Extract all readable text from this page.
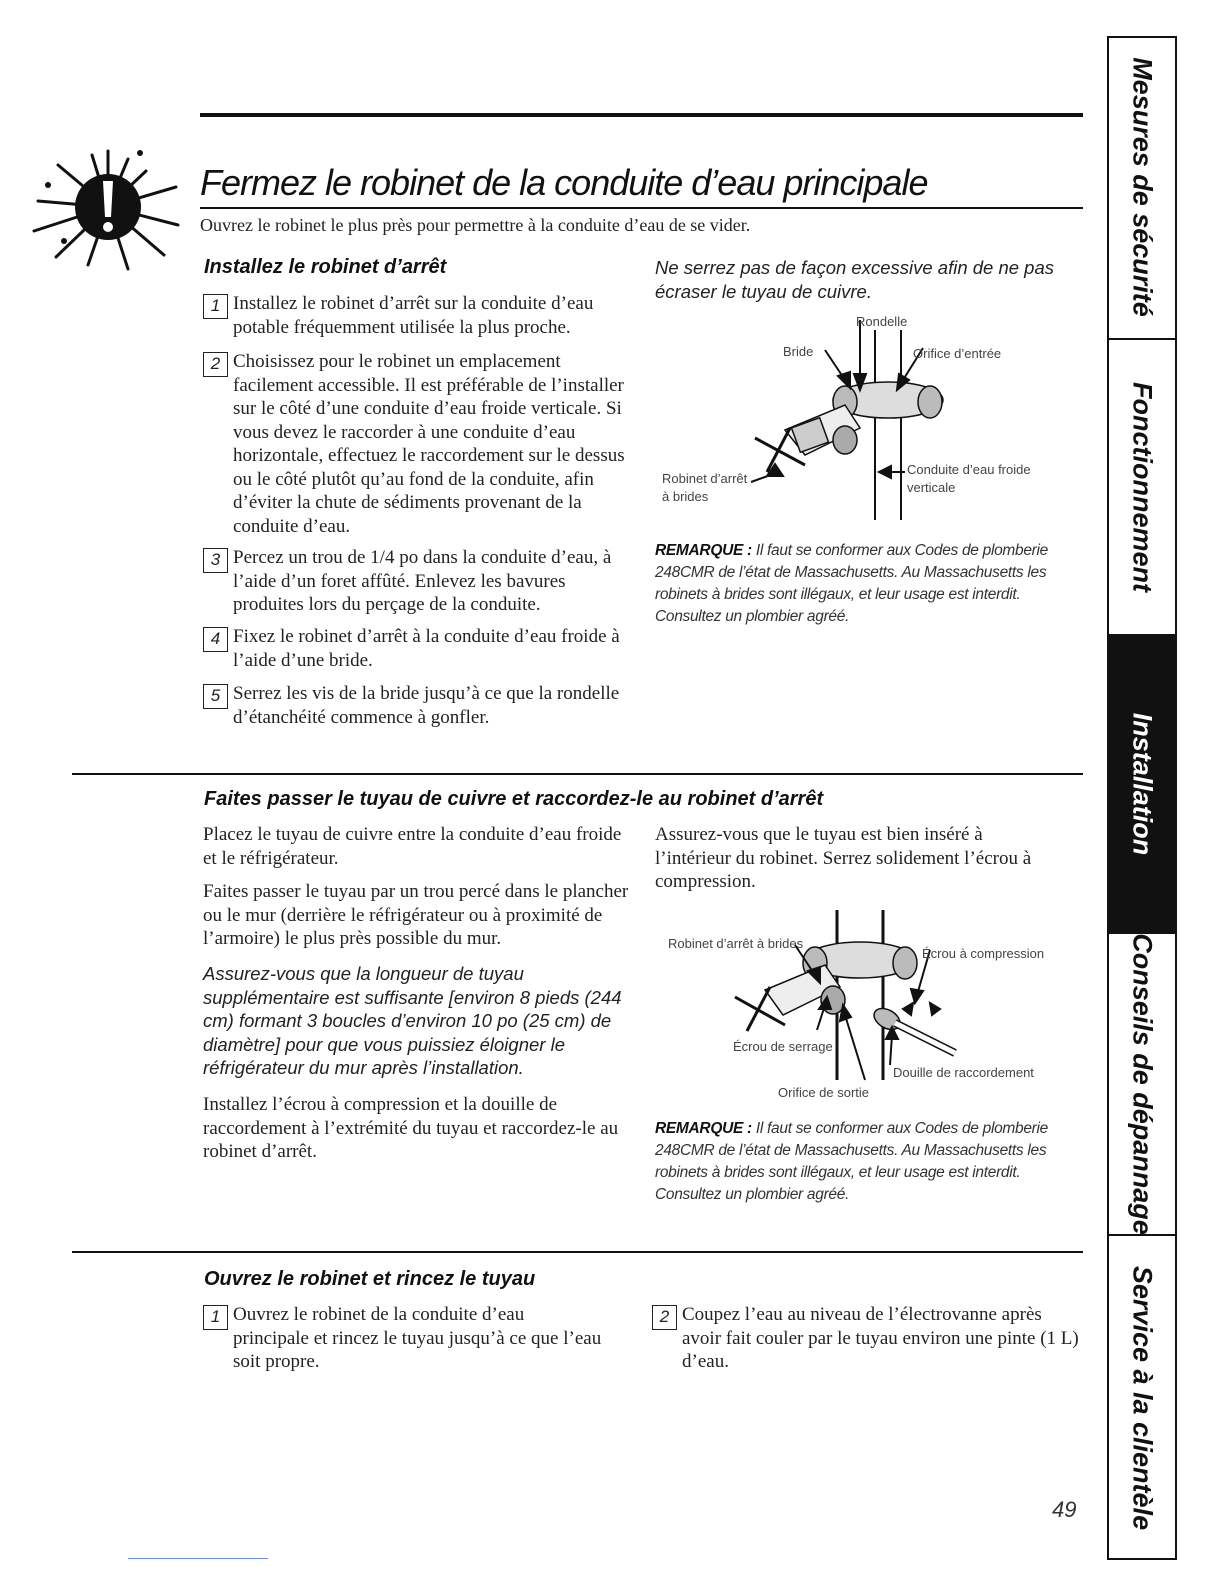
Fermez le robinet de la conduite d’eau principale
Ouvrez le robinet le plus près pour permettre à la conduite d’eau de se vider.
Installez le robinet d’arrêt
1 Installez le robinet d’arrêt sur la conduite d’eau potable fréquemment utilisée la plus proche.
2 Choisissez pour le robinet un emplacement facilement accessible. Il est préférable de l’installer sur le côté d’une conduite d’eau froide verticale. Si vous devez le raccorder à une conduite d’eau horizontale, effectuez le raccordement sur le dessus ou le côté plutôt qu’au fond de la conduite, afin d’éviter la chute de sédiments provenant de la conduite d’eau.
3 Percez un trou de 1/4 po dans la conduite d’eau, à l’aide d’un foret affûté. Enlevez les bavures produites lors du perçage de la conduite.
4 Fixez le robinet d’arrêt à la conduite d’eau froide à l’aide d’une bride.
5 Serrez les vis de la bride jusqu’à ce que la rondelle d’étanchéité commence à gonfler.
Ne serrez pas de façon excessive afin de ne pas écraser le tuyau de cuivre.
Rondelle
Bride	Orifice d’entrée
Robinet d’arrêt
à brides
Conduite d’eau froide
verticale
REMARQUE : Il faut se conformer aux Codes de plomberie 248CMR de l’état de Massachusetts. Au Massachusetts les robinets à brides sont illégaux, et leur usage est interdit. Consultez un plombier agréé.
Faites passer le tuyau de cuivre et raccordez-le au robinet d’arrêt
Placez le tuyau de cuivre entre la conduite d’eau froide et le réfrigérateur.
Faites passer le tuyau par un trou percé dans le plancher ou le mur (derrière le réfrigérateur ou à proximité de l’armoire) le plus près possible du mur.
Assurez-vous que la longueur de tuyau supplémentaire est suffisante [environ 8 pieds (244 cm) formant 3 boucles d’environ 10 po (25 cm) de diamètre] pour que vous puissiez éloigner le réfrigérateur du mur après l’installation.
Installez l’écrou à compression et la douille de raccordement à l’extrémité du tuyau et raccordez-le au robinet d’arrêt.
Assurez-vous que le tuyau est bien inséré à l’intérieur du robinet. Serrez solidement l’écrou à compression.
Robinet d’arrêt à brides
Écrou à compression
Écrou de serrage
Douille de raccordement
Orifice de sortie
REMARQUE : Il faut se conformer aux Codes de plomberie 248CMR de l’état de Massachusetts. Au Massachusetts les robinets à brides sont illégaux, et leur usage est interdit. Consultez un plombier agréé.
Ouvrez le robinet et rincez le tuyau
1 Ouvrez le robinet de la conduite d’eau principale et rincez le tuyau jusqu’à ce que l’eau soit propre.
2 Coupez l’eau au niveau de l’électrovanne après avoir fait couler par le tuyau environ une pinte (1 L) d’eau.
49
Mesures de sécurité
Fonctionnement
Installation
Conseils de dépannage
Service à la clientèle
